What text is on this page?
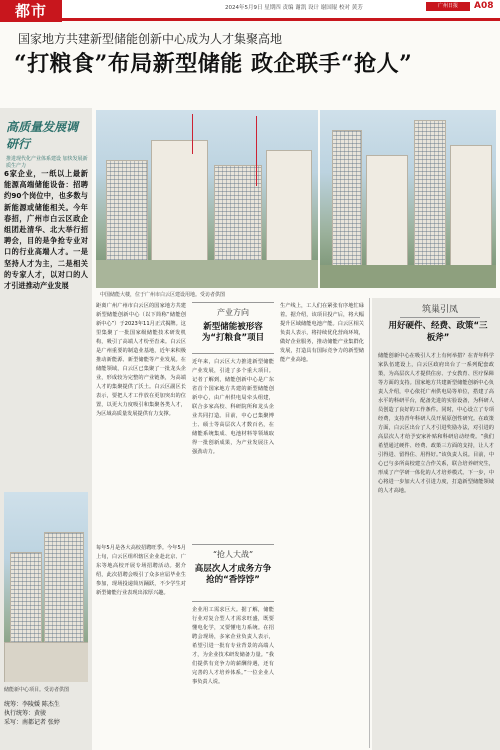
都市	2024年5月9日 星期四 责编 谢凯 设计 谢国锟 校对 黄芳	广州日报	A08
国家地方共建新型储能创新中心成为人才集聚高地
“打粮食”布局新型储能 政企联手“抢人”
高质量发展调研行
推进现代化产业体系建设 加快发展新质生产力
6家企业，一纸以上最新能源高端储能设备：招聘约90个岗位中，也多数与新能源或储能相关。今年春招，广州市白云区政企组团赴清华、北大举行招聘会，目的是争抢专业对口的行业高端人才。一是坚持人才为主，二是相关的专家人才，以对口的人才引进推动产业发展
储能新中心项目。受访者供图
统筹：李陵媛 陈杰生
执行统筹：黄骏
采写：南都记者 张婷
中国储能大楼，位于广州市白云区建设用地。受访者供图
距离广州广州市白云区的国家地方共建新型储能创新中心（以下简称“储能创新中心”）于2023年11月正式揭牌。这里集聚了一批国家级储能技术研发机构，吸引了高端人才纷至沓来。白云区是广州重要的制造业基地，近年来积极推动新能源、新型储能等产业发展。在储能领域，白云区已集聚了一批龙头企业，形成较为完整的产业链条，为高端人才的集聚提供了沃土。白云区副区长表示，要把人才工作放在更加突出的位置，以更大力度吸引和集聚各类人才，为区域高质量发展提供有力支撑。
每年5月是各大高校招聘旺季。今年5月上旬，白云区组织辖区企业赴北京、广东等地高校开展专场招聘活动。据介绍，此次招聘会吸引了众多应届毕业生参加，现场投递简历踊跃，不少学生对新型储能行业表现出浓厚兴趣。
产业方向
新型储能被形容为“打粮食”项目
近年来，白云区大力推进新型储能产业发展，引进了多个重大项目。记者了解到，储能创新中心是广东省首个国家地方共建的新型储能创新中心，由广州供电局牵头组建，联合多家高校、科研院所和龙头企业共同打造。目前，中心已集聚博士、硕士等高层次人才数百名，在储能系统集成、电池材料等领域取得一批创新成果，为产业发展注入强劲动力。
“抢人大战”
高层次人才成务方争抢的“香饽饽”
企业用工需求巨大。据了解，储能行业对复合型人才需求旺盛，既要懂电化学，又要懂电力系统。在招聘会现场，多家企业负责人表示，希望引进一批有专业背景的高端人才，为企业技术研发储备力量。“我们提供有竞争力的薪酬待遇，还有完善的人才培养体系。”一位企业人事负责人说。
生产线上，工人们在紧张有序地忙碌着。据介绍，该项目投产后，将大幅提升区域储能电池产能。白云区相关负责人表示，将持续优化营商环境，做好企业服务，推动储能产业集群化发展，打造具有国际竞争力的新型储能产业高地。
筑巢引凤
用好硬件、经费、政策“三板斧”
储能创新中心在吸引人才上有何举措？在青年科学家队伍建设上，白云区政府出台了一系列配套政策，为高层次人才提供住房、子女教育、医疗保障等方面的支持。国家地方共建新型储能创新中心负责人介绍，中心依托广州供电局等单位，搭建了高水平的科研平台，配备先进的实验设备，为科研人员创造了良好的工作条件。同时，中心设立了专项经费，支持青年科研人员开展原创性研究。在政策方面，白云区出台了人才引进奖励办法，对引进的高层次人才给予安家补贴和科研启动经费。“我们希望通过硬件、经费、政策三方面的支持，让人才引得进、留得住、用得好。”该负责人说。目前，中心已与多所高校建立合作关系，联合培养研究生，形成了产学研一体化的人才培养模式。下一步，中心将进一步加大人才引进力度，打造新型储能领域的人才高地。
